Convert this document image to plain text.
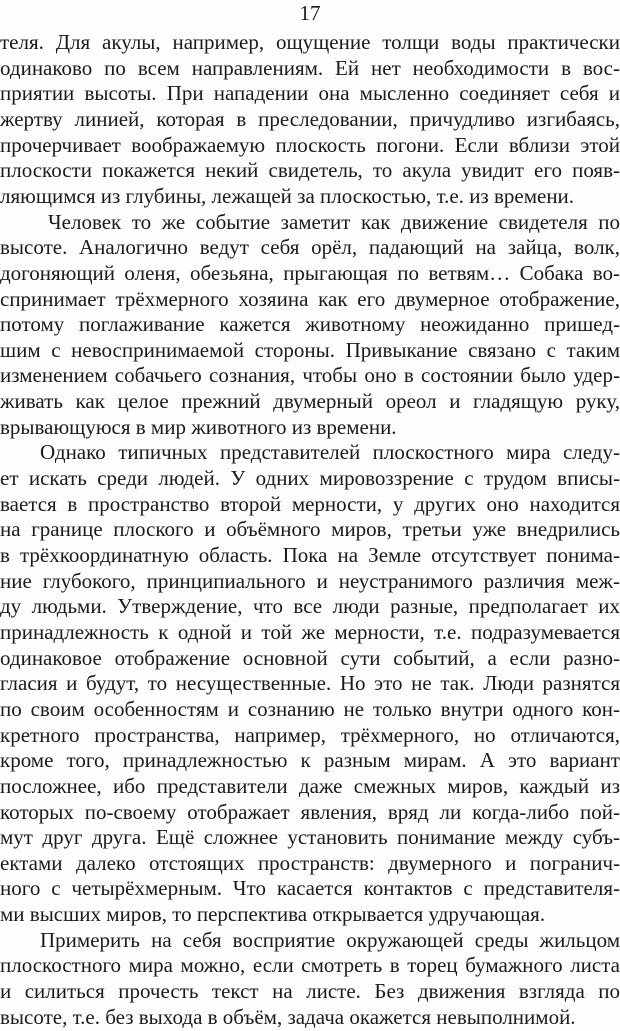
17
теля. Для акулы, например, ощущение толщи воды практически
одинаково по всем направлениям. Ей нет необходимости в вос-
приятии высоты. При нападении она мысленно соединяет себя и
жертву линией, которая в преследовании, причудливо изгибаясь,
прочерчивает воображаемую плоскость погони. Если вблизи этой
плоскости покажется некий свидетель, то акула увидит его появ-
ляющимся из глубины, лежащей за плоскостью, т.е. из времени.
Человек то же событие заметит как движение свидетеля по
высоте. Аналогично ведут себя орёл, падающий на зайца, волк,
догоняющий оленя, обезьяна, прыгающая по ветвям… Собака во-
спринимает трёхмерного хозяина как его двумерное отображение,
потому поглаживание кажется животному неожиданно пришед-
шим с невоспринимаемой стороны. Привыкание связано с таким
изменением собачьего сознания, чтобы оно в состоянии было удер-
живать как целое прежний двумерный ореол и гладящую руку,
врывающуюся в мир животного из времени.
Однако типичных представителей плоскостного мира следу-
ет искать среди людей. У одних мировоззрение с трудом вписы-
вается в пространство второй мерности, у других оно находится
на границе плоского и объёмного миров, третьи уже внедрились
в трёхкоординатную область. Пока на Земле отсутствует понима-
ние глубокого, принципиального и неустранимого различия меж-
ду людьми. Утверждение, что все люди разные, предполагает их
принадлежность к одной и той же мерности, т.е. подразумевается
одинаковое отображение основной сути событий, а если разно-
гласия и будут, то несущественные. Но это не так. Люди разнятся
по своим особенностям и сознанию не только внутри одного кон-
кретного пространства, например, трёхмерного, но отличаются,
кроме того, принадлежностью к разным мирам. А это вариант
посложнее, ибо представители даже смежных миров, каждый из
которых по-своему отображает явления, вряд ли когда-либо пой-
мут друг друга. Ещё сложнее установить понимание между субъ-
ектами далеко отстоящих пространств: двумерного и погранич-
ного с четырёхмерным. Что касается контактов с представителя-
ми высших миров, то перспектива открывается удручающая.
Примерить на себя восприятие окружающей среды жильцом
плоскостного мира можно, если смотреть в торец бумажного листа
и силиться прочесть текст на листе. Без движения взгляда по
высоте, т.е. без выхода в объём, задача окажется невыполнимой.
